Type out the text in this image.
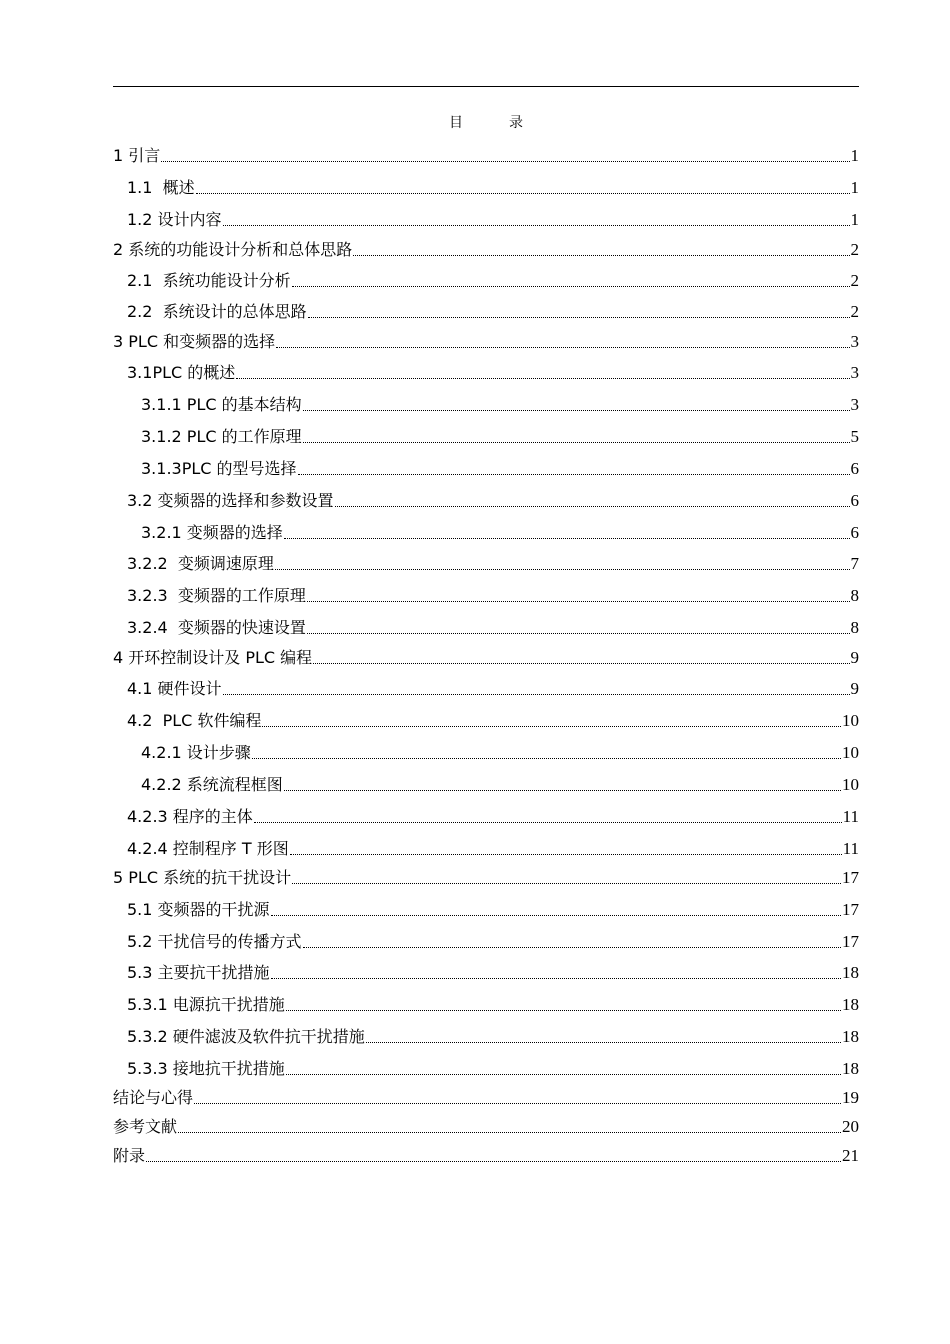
目	录
1 引言	1
1.1  概述	1
1.2 设计内容	1
2 系统的功能设计分析和总体思路	2
2.1  系统功能设计分析	2
2.2  系统设计的总体思路	2
3 PLC 和变频器的选择	3
3.1PLC 的概述	3
3.1.1 PLC 的基本结构	3
3.1.2 PLC 的工作原理	5
3.1.3PLC 的型号选择	6
3.2 变频器的选择和参数设置	6
3.2.1 变频器的选择	6
3.2.2  变频调速原理	7
3.2.3  变频器的工作原理	8
3.2.4  变频器的快速设置	8
4 开环控制设计及 PLC 编程	9
4.1 硬件设计	9
4.2  PLC 软件编程	10
4.2.1 设计步骤	10
4.2.2 系统流程框图	10
4.2.3 程序的主体	11
4.2.4 控制程序 T 形图	11
5 PLC 系统的抗干扰设计	17
5.1 变频器的干扰源	17
5.2 干扰信号的传播方式	17
5.3 主要抗干扰措施	18
5.3.1 电源抗干扰措施	18
5.3.2 硬件滤波及软件抗干扰措施	18
5.3.3 接地抗干扰措施	18
结论与心得	19
参考文献	20
附录	21
